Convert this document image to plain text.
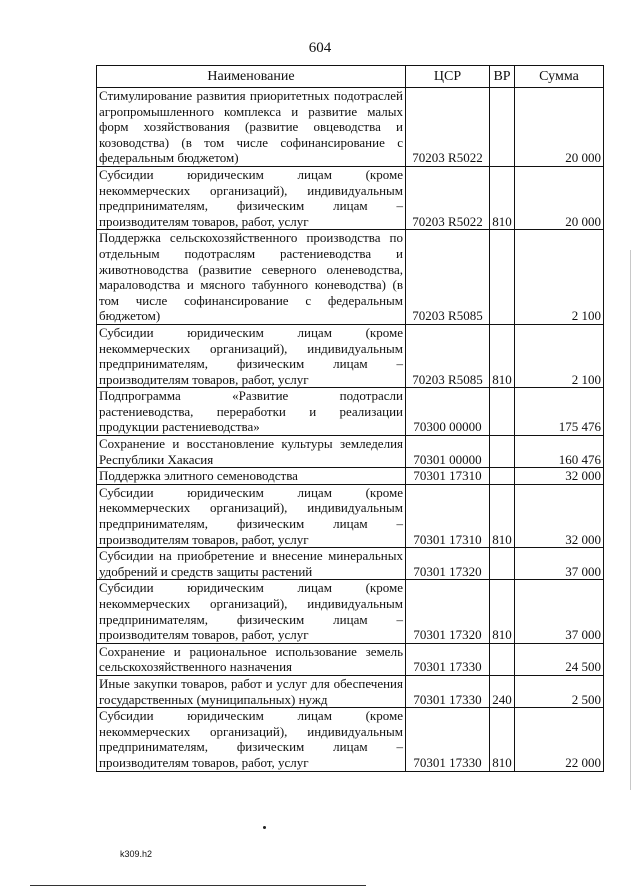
604
Наименование	ЦСР	ВР	Сумма
Стимулирование развития приоритетных подотраслей агропромышленного комплекса и развитие малых форм хозяйствования (развитие овцеводства и козоводства) (в том числе софинансирование с федеральным бюджетом)	70203 R5022		20 000
Субсидии юридическим лицам (кроме некоммерческих организаций), индивидуальным предпринимателям, физическим лицам – производителям товаров, работ, услуг	70203 R5022	810	20 000
Поддержка сельскохозяйственного производства по отдельным подотраслям растениеводства и животноводства (развитие северного оленеводства, мараловодства и мясного табунного коневодства) (в том числе софинансирование с федеральным бюджетом)	70203 R5085		2 100
Субсидии юридическим лицам (кроме некоммерческих организаций), индивидуальным предпринимателям, физическим лицам – производителям товаров, работ, услуг	70203 R5085	810	2 100
Подпрограмма «Развитие подотрасли растениеводства, переработки и реализации продукции растениеводства»	70300 00000		175 476
Сохранение и восстановление культуры земледелия Республики Хакасия	70301 00000		160 476
Поддержка элитного семеноводства	70301 17310		32 000
Субсидии юридическим лицам (кроме некоммерческих организаций), индивидуальным предпринимателям, физическим лицам – производителям товаров, работ, услуг	70301 17310	810	32 000
Субсидии на приобретение и внесение минеральных удобрений и средств защиты растений	70301 17320		37 000
Субсидии юридическим лицам (кроме некоммерческих организаций), индивидуальным предпринимателям, физическим лицам – производителям товаров, работ, услуг	70301 17320	810	37 000
Сохранение и рациональное использование земель сельскохозяйственного назначения	70301 17330		24 500
Иные закупки товаров, работ и услуг для обеспечения государственных (муниципальных) нужд	70301 17330	240	2 500
Субсидии юридическим лицам (кроме некоммерческих организаций), индивидуальным предпринимателям, физическим лицам – производителям товаров, работ, услуг	70301 17330	810	22 000
k309.h2
